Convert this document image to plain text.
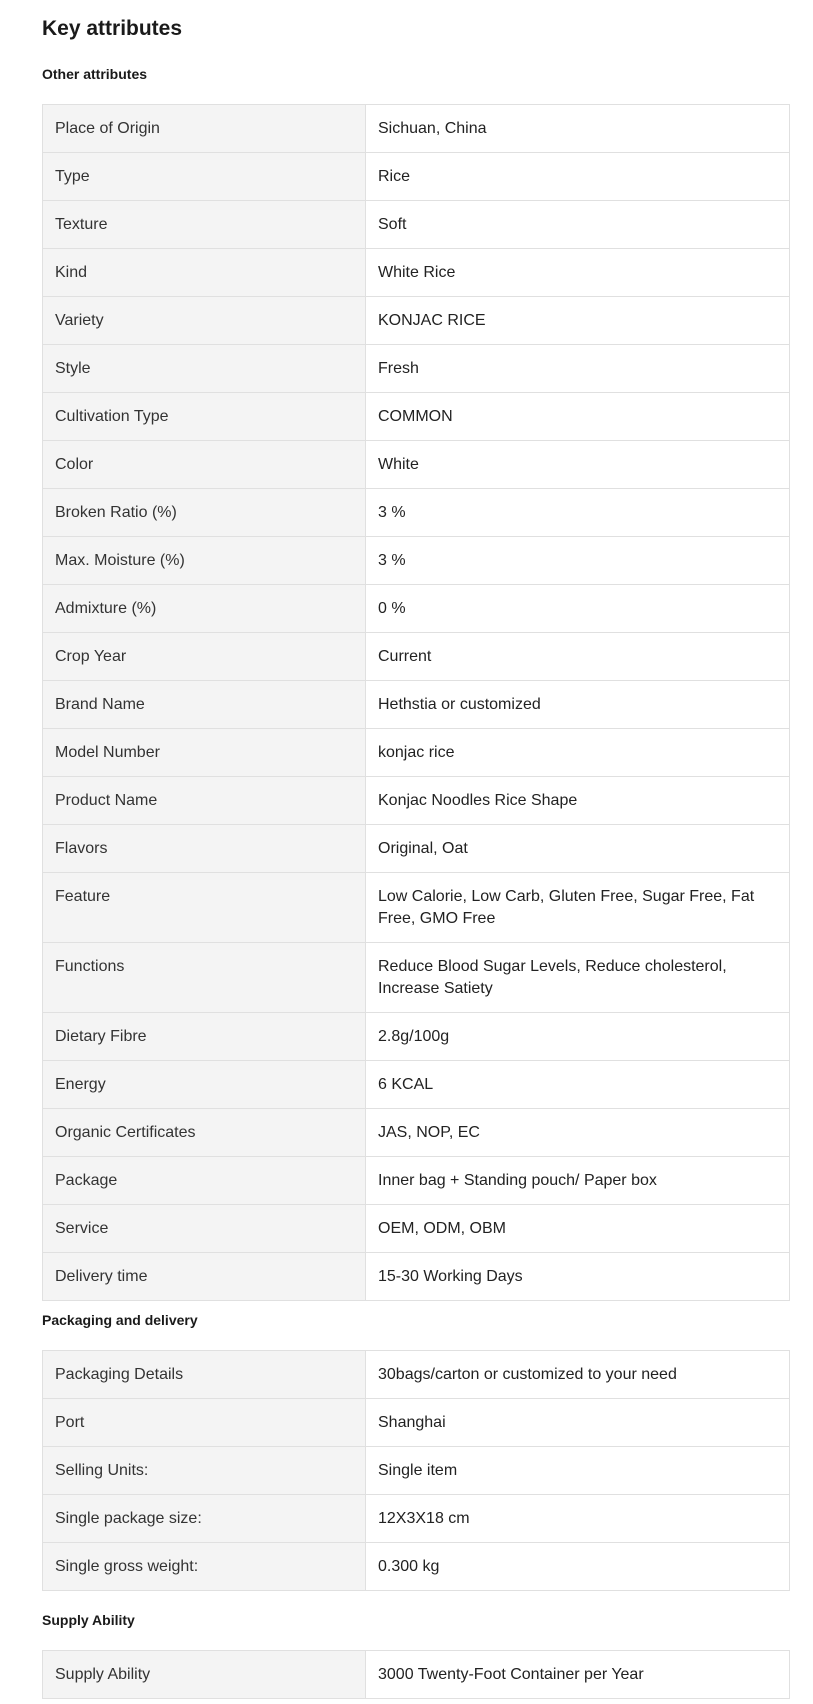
Key attributes
Other attributes
Place of Origin	Sichuan, China
Type	Rice
Texture	Soft
Kind	White Rice
Variety	KONJAC RICE
Style	Fresh
Cultivation Type	COMMON
Color	White
Broken Ratio (%)	3 %
Max. Moisture (%)	3 %
Admixture (%)	0 %
Crop Year	Current
Brand Name	Hethstia or customized
Model Number	konjac rice
Product Name	Konjac Noodles Rice Shape
Flavors	Original, Oat
Feature	Low Calorie, Low Carb, Gluten Free, Sugar Free, Fat Free, GMO Free
Functions	Reduce Blood Sugar Levels, Reduce cholesterol, Increase Satiety
Dietary Fibre	2.8g/100g
Energy	6 KCAL
Organic Certificates	JAS, NOP, EC
Package	Inner bag + Standing pouch/ Paper box
Service	OEM, ODM, OBM
Delivery time	15-30 Working Days
Packaging and delivery
Packaging Details	30bags/carton or customized to your need
Port	Shanghai
Selling Units:	Single item
Single package size:	12X3X18 cm
Single gross weight:	0.300 kg
Supply Ability
Supply Ability	3000 Twenty-Foot Container per Year
